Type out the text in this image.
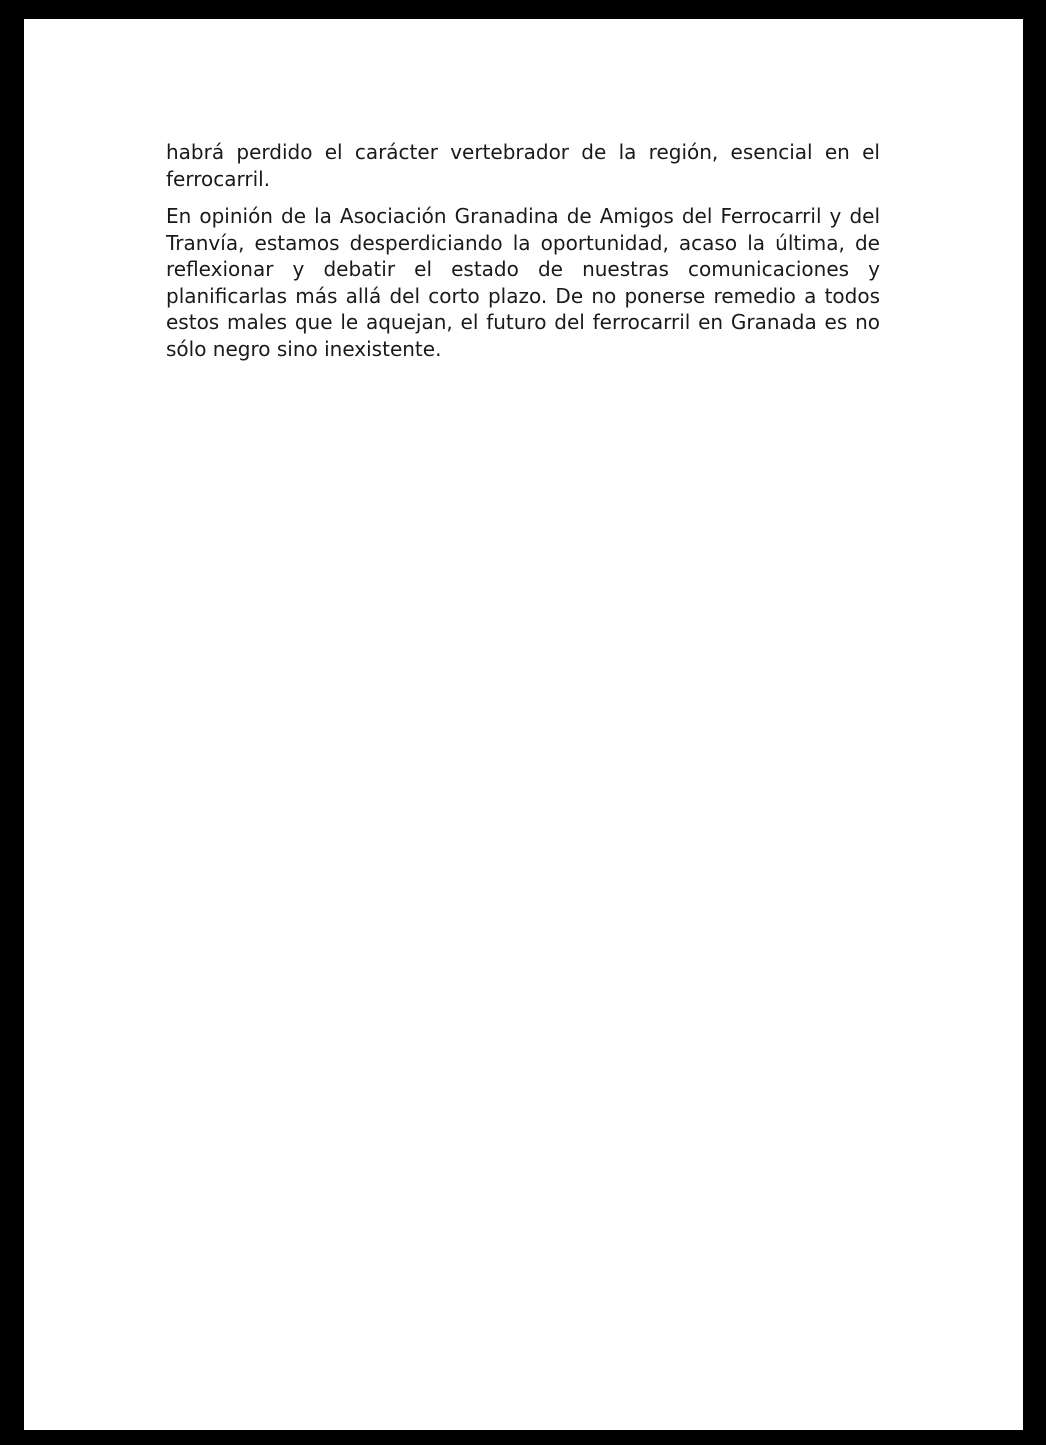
habrá perdido el carácter vertebrador de la región, esencial en el ferrocarril.

En opinión de la Asociación Granadina de Amigos del Ferrocarril y del Tranvía, estamos desperdiciando la oportunidad, acaso la última, de reflexionar y debatir el estado de nuestras comunicaciones y planificarlas más allá del corto plazo. De no ponerse remedio a todos estos males que le aquejan, el futuro del ferrocarril en Granada es no sólo negro sino inexistente.
